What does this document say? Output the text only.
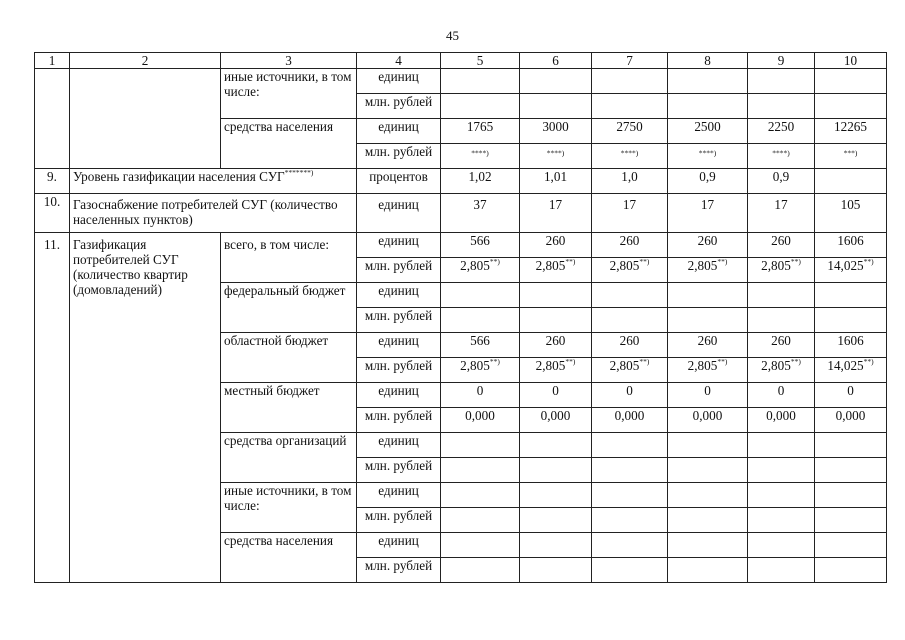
45
1	2	3	4	5	6	7	8	9	10
		иные источники, в том числе:	единиц						
			млн. рублей						
		средства населения	единиц	1765	3000	2750	2500	2250	12265
			млн. рублей	****)	****)	****)	****)	****)	***)
9.	Уровень газификации населения СУГ*******)		процентов	1,02	1,01	1,0	0,9	0,9	
10.	Газоснабжение потребителей СУГ (количество населенных пунктов)		единиц	37	17	17	17	17	105
11.	Газификация потребителей СУГ (количество квартир (домовладений)	всего, в том числе:	единиц	566	260	260	260	260	1606
			млн. рублей	2,805**)	2,805**)	2,805**)	2,805**)	2,805**)	14,025**)
		федеральный бюджет	единиц						
			млн. рублей						
		областной бюджет	единиц	566	260	260	260	260	1606
			млн. рублей	2,805**)	2,805**)	2,805**)	2,805**)	2,805**)	14,025**)
		местный бюджет	единиц	0	0	0	0	0	0
			млн. рублей	0,000	0,000	0,000	0,000	0,000	0,000
		средства организаций	единиц						
			млн. рублей						
		иные источники, в том числе:	единиц						
			млн. рублей						
		средства населения	единиц						
			млн. рублей						
